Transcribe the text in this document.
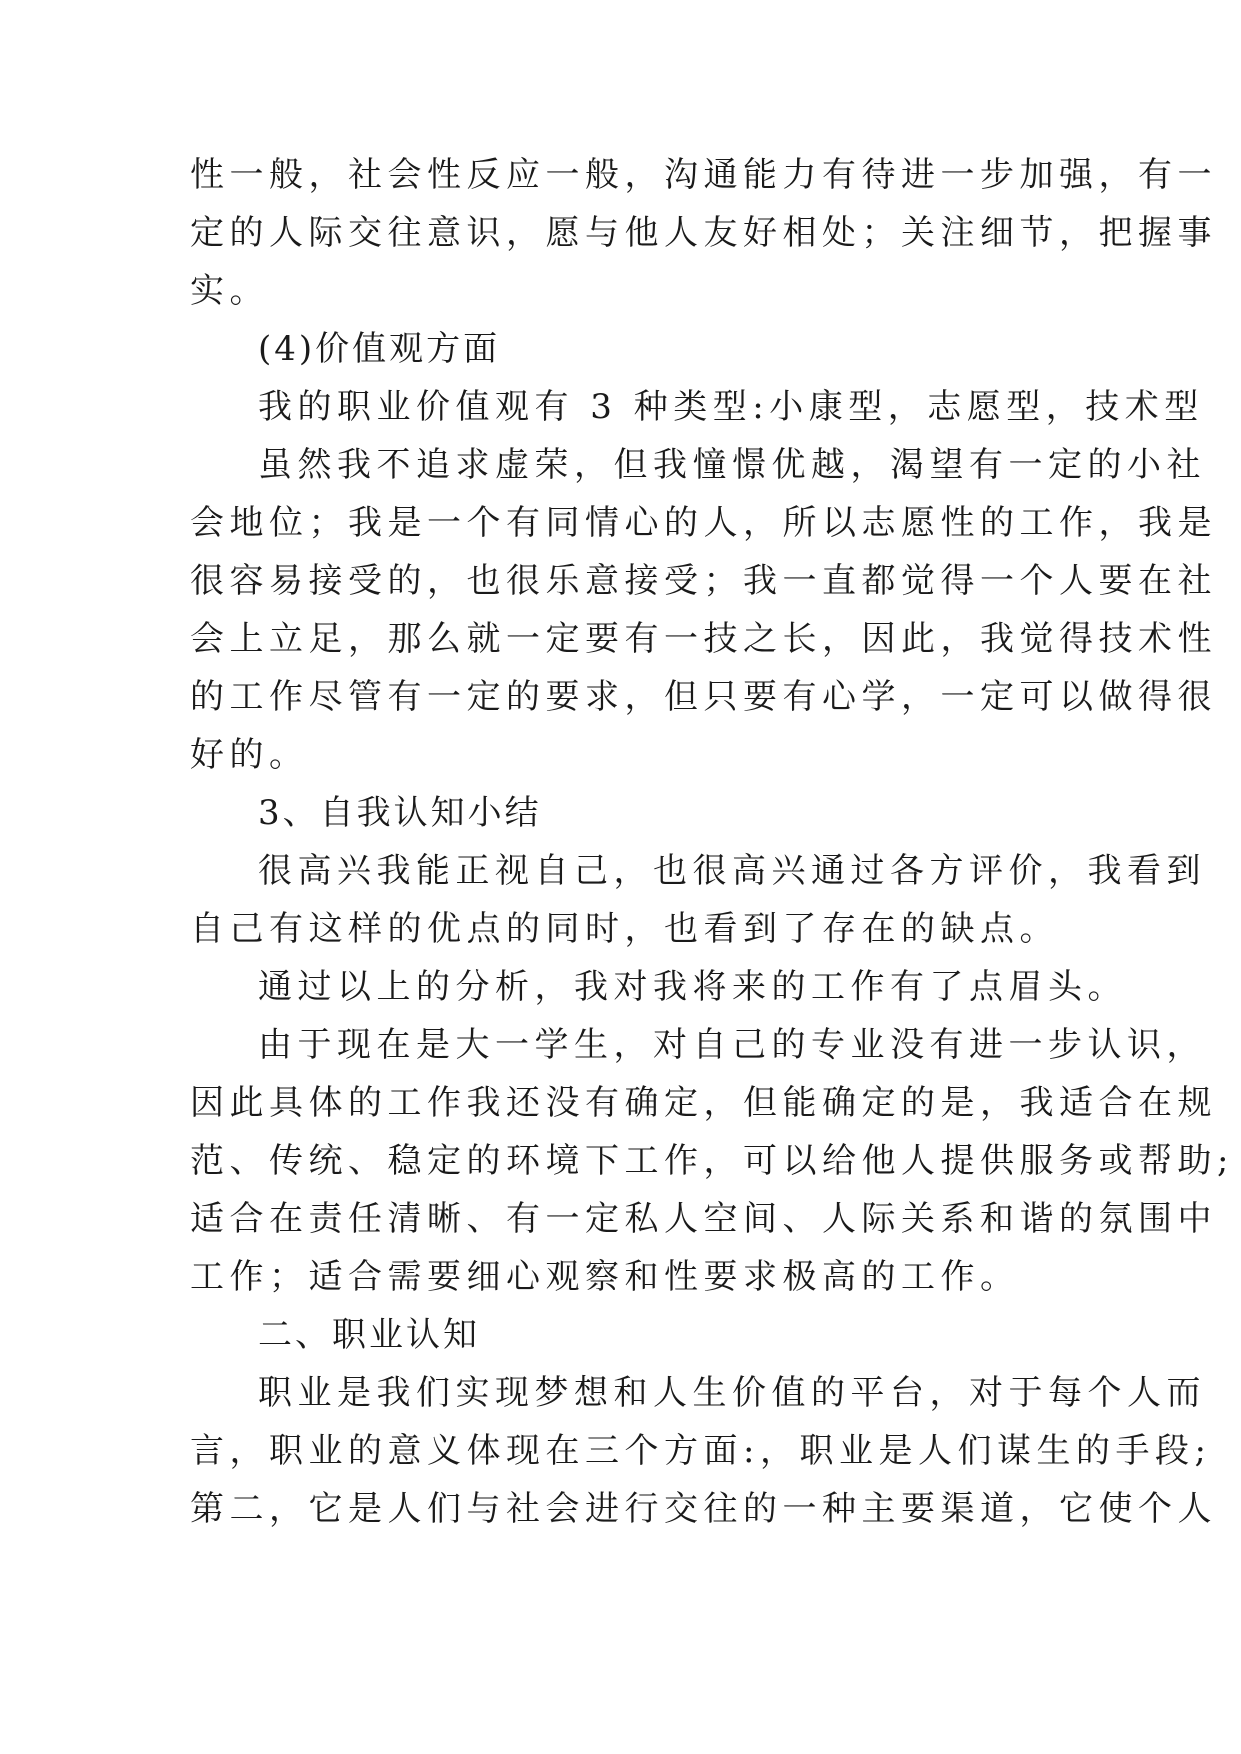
性一般，社会性反应一般，沟通能力有待进一步加强，有一
定的人际交往意识，愿与他人友好相处；关注细节，把握事
实。
(4)价值观方面
我的职业价值观有 3 种类型:小康型，志愿型，技术型
虽然我不追求虚荣，但我憧憬优越，渴望有一定的小社
会地位；我是一个有同情心的人，所以志愿性的工作，我是
很容易接受的，也很乐意接受；我一直都觉得一个人要在社
会上立足，那么就一定要有一技之长，因此，我觉得技术性
的工作尽管有一定的要求，但只要有心学，一定可以做得很
好的。
3、自我认知小结
很高兴我能正视自己，也很高兴通过各方评价，我看到
自己有这样的优点的同时，也看到了存在的缺点。
通过以上的分析，我对我将来的工作有了点眉头。
由于现在是大一学生，对自己的专业没有进一步认识，
因此具体的工作我还没有确定，但能确定的是，我适合在规
范、传统、稳定的环境下工作，可以给他人提供服务或帮助;
适合在责任清晰、有一定私人空间、人际关系和谐的氛围中
工作；适合需要细心观察和性要求极高的工作。
二、职业认知
职业是我们实现梦想和人生价值的平台，对于每个人而
言，职业的意义体现在三个方面:，职业是人们谋生的手段;
第二，它是人们与社会进行交往的一种主要渠道，它使个人
